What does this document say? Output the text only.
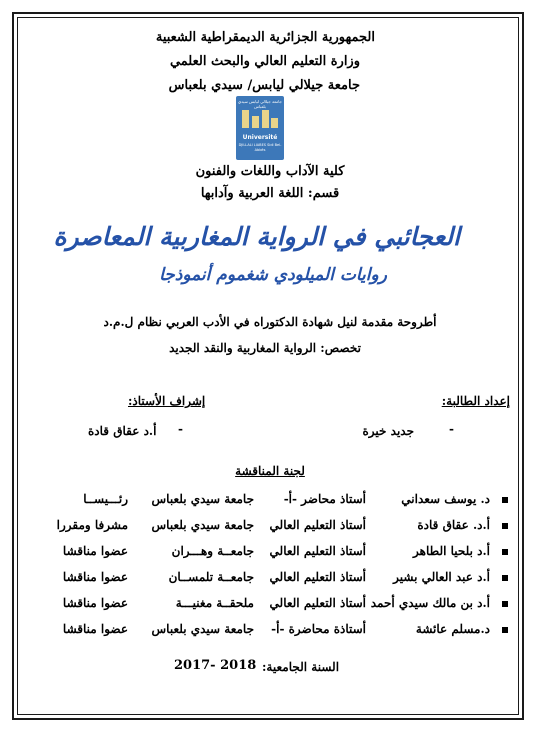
الجمهورية الجزائرية الديمقراطية الشعبية
وزارة التعليم العالي والبحث العلمي
جامعة جيلالي ليابس/ سيدي بلعباس
جامعة جيلالي ليابس سيدي بلعباس
Université
DJILLALI LIABES Sidi Bel-Abbès
كلية الآداب واللغات والفنون
قسم: اللغة العربية وآدابها
العجائبي في الرواية المغاربية المعاصرة
روايات الميلودي شغموم أنموذجا
أطروحة مقدمة لنيل شهادة الدكتوراه في الأدب العربي نظام ل.م.د
تخصص: الرواية المغاربية والنقد الجديد
إعداد الطالبة:
جديد خيرة	-
إشراف الأستاذ:
أ.د عقاق قادة -
لجنة المناقشة
د. يوسف سعداني
أستاذ محاضر -أ-
جامعة سيدي بلعباس
رئـــيســا
أ.د. عقاق قادة
أستاذ التعليم العالي
جامعة سيدي بلعباس
مشرفا ومقررا
أ.د بلحيا الطاهر
أستاذ التعليم العالي
جامعــة وهـــران
عضوا مناقشا
أ.د عبد العالي بشير
أستاذ التعليم العالي
جامعــة تلمســان
عضوا مناقشا
أ.د بن مالك سيدي أحمد
أستاذ التعليم العالي
ملحقــة مغنيـــة
عضوا مناقشا
د.مسلم عائشة
أستاذة محاضرة -أ-
جامعة سيدي بلعباس
عضوا مناقشا
السنة الجامعية:
2017- 2018
